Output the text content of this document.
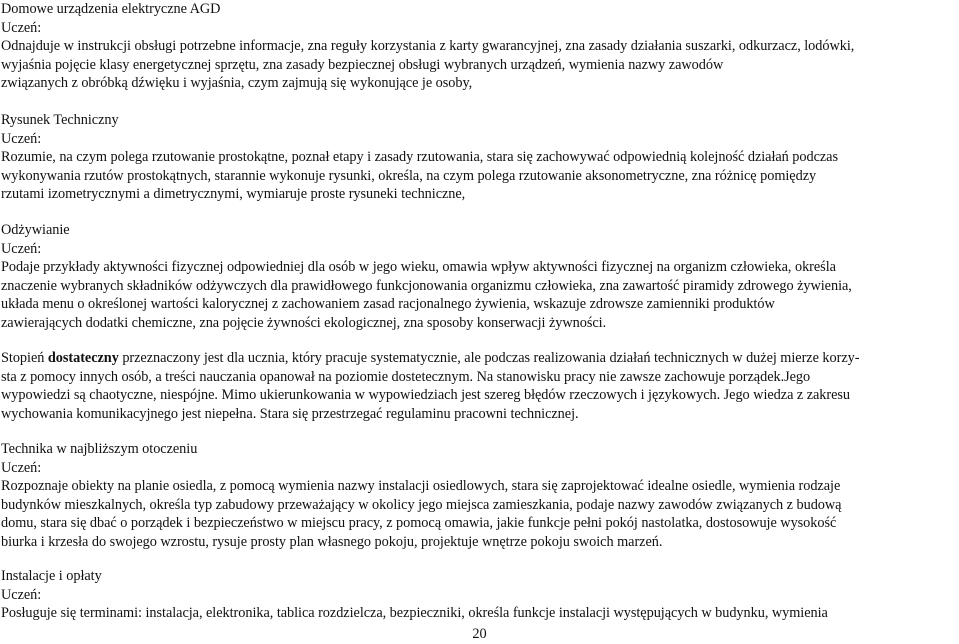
Domowe urządzenia elektryczne AGD
Uczeń:
Odnajduje w instrukcji obsługi potrzebne informacje, zna reguły korzystania z karty gwarancyjnej, zna zasady działania suszarki, odkurzacz, lodówki,
wyjaśnia pojęcie klasy energetycznej sprzętu, zna zasady bezpiecznej obsługi wybranych urządzeń, wymienia nazwy zawodów
związanych z obróbką dźwięku i wyjaśnia, czym zajmują się wykonujące je osoby,
Rysunek Techniczny
Uczeń:
Rozumie, na czym polega rzutowanie prostokątne, poznał etapy i zasady rzutowania, stara się zachowywać odpowiednią kolejność działań podczas
wykonywania rzutów prostokątnych, starannie wykonuje rysunki, określa, na czym polega rzutowanie aksonometryczne, zna różnicę pomiędzy
rzutami izometrycznymi a dimetrycznymi, wymiaruje proste rysuneki techniczne,
Odżywianie
Uczeń:
Podaje przykłady aktywności fizycznej odpowiedniej dla osób w jego wieku, omawia wpływ aktywności fizycznej na organizm człowieka, określa
znaczenie wybranych składników odżywczych dla prawidłowego funkcjonowania organizmu człowieka, zna zawartość piramidy zdrowego żywienia,
układa menu o określonej wartości kalorycznej z zachowaniem zasad racjonalnego żywienia, wskazuje zdrowsze zamienniki produktów
zawierających dodatki chemiczne, zna pojęcie żywności ekologicznej, zna sposoby konserwacji żywności.
Stopień dostateczny przeznaczony jest dla ucznia, który pracuje systematycznie, ale podczas realizowania działań technicznych w dużej mierze korzy-
sta z pomocy innych osób, a treści nauczania opanował na poziomie dostetecznym. Na stanowisku pracy nie zawsze zachowuje porządek.Jego
wypowiedzi są chaotyczne, niespójne. Mimo ukierunkowania w wypowiedziach jest szereg błędów rzeczowych i językowych. Jego wiedza z zakresu
wychowania komunikacyjnego jest niepełna. Stara się przestrzegać regulaminu pracowni technicznej.
Technika w najbliższym otoczeniu
Uczeń:
Rozpoznaje obiekty na planie osiedla, z pomocą wymienia nazwy instalacji osiedlowych, stara się zaprojektować idealne osiedle, wymienia rodzaje
budynków mieszkalnych, określa typ zabudowy przeważający w okolicy jego miejsca zamieszkania, podaje nazwy zawodów związanych z budową
domu, stara się dbać o porządek i bezpieczeństwo w miejscu pracy, z pomocą omawia, jakie funkcje pełni pokój nastolatka, dostosowuje wysokość
biurka i krzesła do swojego wzrostu, rysuje prosty plan własnego pokoju, projektuje wnętrze pokoju swoich marzeń.
Instalacje i opłaty
Uczeń:
Posługuje się terminami: instalacja, elektronika, tablica rozdzielcza, bezpieczniki, określa funkcje instalacji występujących w budynku, wymienia
20
